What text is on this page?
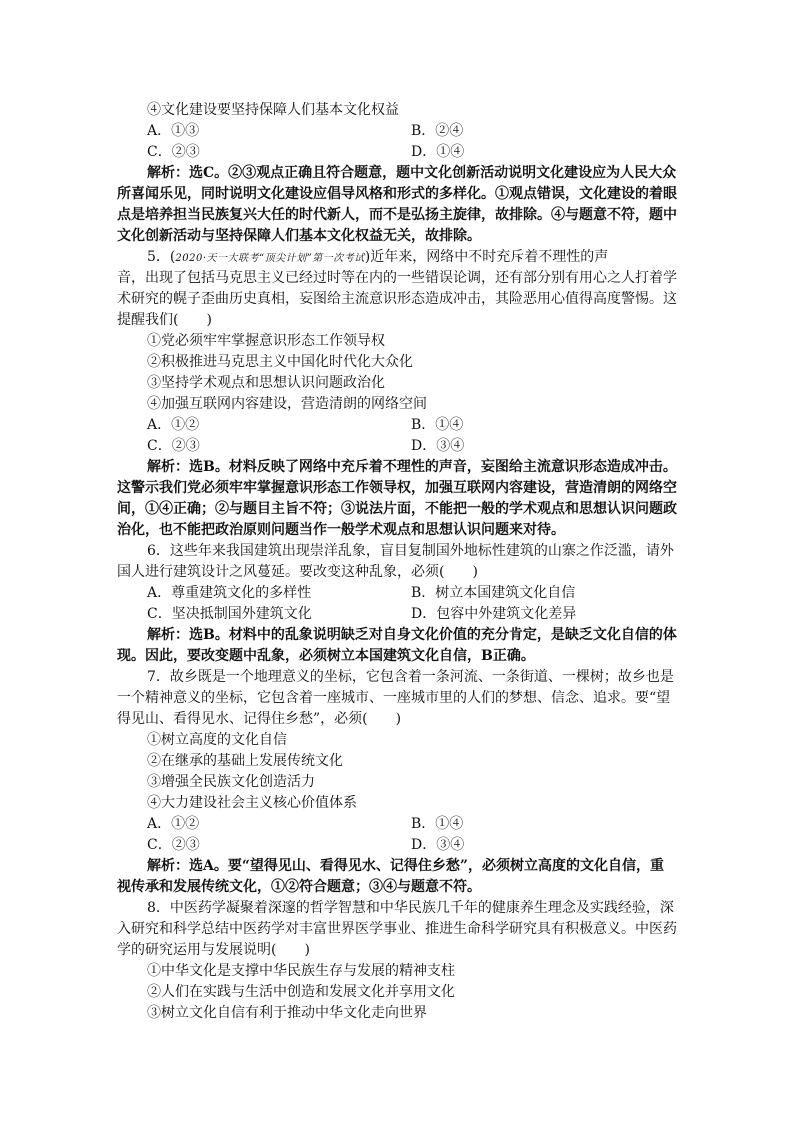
④文化建设要坚持保障人们基本文化权益
A．①③	B．②④
C．②③	D．①④
解析：选C。②③观点正确且符合题意，题中文化创新活动说明文化建设应为人民大众
所喜闻乐见，同时说明文化建设应倡导风格和形式的多样化。①观点错误，文化建设的着眼
点是培养担当民族复兴大任的时代新人，而不是弘扬主旋律，故排除。④与题意不符，题中
文化创新活动与坚持保障人们基本文化权益无关，故排除。
5．(2020·天一大联考“顶尖计划”第一次考试)近年来，网络中不时充斥着不理性的声
音，出现了包括马克思主义已经过时等在内的一些错误论调，还有部分别有用心之人打着学
术研究的幌子歪曲历史真相，妄图给主流意识形态造成冲击，其险恶用心值得高度警惕。这
提醒我们(　　)
①党必须牢牢掌握意识形态工作领导权
②积极推进马克思主义中国化时代化大众化
③坚持学术观点和思想认识问题政治化
④加强互联网内容建设，营造清朗的网络空间
A．①②	B．①④
C．②③	D．③④
解析：选B。材料反映了网络中充斥着不理性的声音，妄图给主流意识形态造成冲击。
这警示我们党必须牢牢掌握意识形态工作领导权，加强互联网内容建设，营造清朗的网络空
间，①④正确；②与题目主旨不符；③说法片面，不能把一般的学术观点和思想认识问题政
治化，也不能把政治原则问题当作一般学术观点和思想认识问题来对待。
6．这些年来我国建筑出现崇洋乱象，盲目复制国外地标性建筑的山寨之作泛滥，请外
国人进行建筑设计之风蔓延。要改变这种乱象，必须(　　)
A．尊重建筑文化的多样性	B．树立本国建筑文化自信
C．坚决抵制国外建筑文化	D．包容中外建筑文化差异
解析：选B。材料中的乱象说明缺乏对自身文化价值的充分肯定，是缺乏文化自信的体
现。因此，要改变题中乱象，必须树立本国建筑文化自信，B正确。
7．故乡既是一个地理意义的坐标，它包含着一条河流、一条街道、一棵树；故乡也是
一个精神意义的坐标，它包含着一座城市、一座城市里的人们的梦想、信念、追求。要“望
得见山、看得见水、记得住乡愁”，必须(　　)
①树立高度的文化自信
②在继承的基础上发展传统文化
③增强全民族文化创造活力
④大力建设社会主义核心价值体系
A．①②	B．①④
C．②③	D．③④
解析：选A。要“望得见山、看得见水、记得住乡愁”，必须树立高度的文化自信，重
视传承和发展传统文化，①②符合题意；③④与题意不符。
8．中医药学凝聚着深邃的哲学智慧和中华民族几千年的健康养生理念及实践经验，深
入研究和科学总结中医药学对丰富世界医学事业、推进生命科学研究具有积极意义。中医药
学的研究运用与发展说明(　　)
①中华文化是支撑中华民族生存与发展的精神支柱
②人们在实践与生活中创造和发展文化并享用文化
③树立文化自信有利于推动中华文化走向世界
